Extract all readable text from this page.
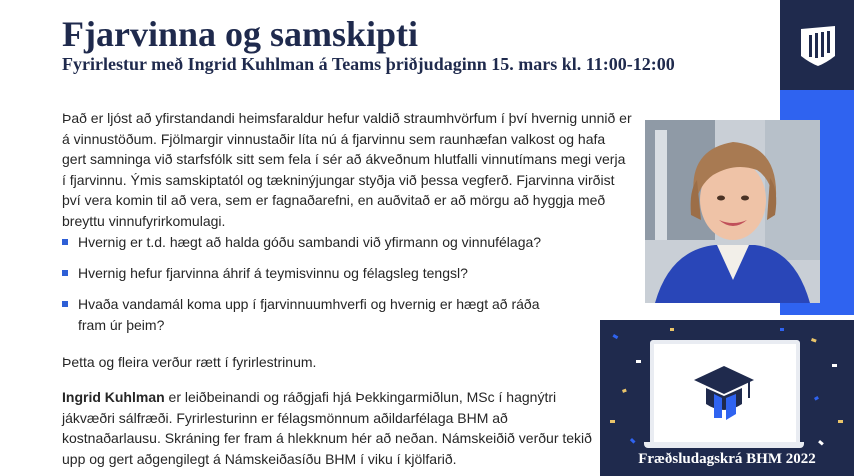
Fjarvinna og samskipti
Fyrirlestur með Ingrid Kuhlman á Teams þriðjudaginn 15. mars kl. 11:00-12:00

Það er ljóst að yfirstandandi heimsfaraldur hefur valdið straumhvörfum í því hvernig unnið er á vinnustöðum. Fjölmargir vinnustaðir líta nú á fjarvinnu sem raunhæfan valkost og hafa gert samninga við starfsfólk sitt sem fela í sér að ákveðnum hlutfalli vinnutímans megi verja í fjarvinnu. Ýmis samskiptatól og tækninýjungar styðja við þessa vegferð. Fjarvinna virðist því vera komin til að vera, sem er fagnaðarefni, en auðvitað er að mörgu að hyggja með breyttu vinnufyrirkomulagi.

Hvernig er t.d. hægt að halda góðu sambandi við yfirmann og vinnufélaga?
Hvernig hefur fjarvinna áhrif á teymisvinnu og félagsleg tengsl?
Hvaða vandamál koma upp í fjarvinnuumhverfi og hvernig er hægt að ráða fram úr þeim?

Þetta og fleira verður rætt í fyrirlestrinum.

Ingrid Kuhlman er leiðbeinandi og ráðgjafi hjá Þekkingarmiðlun, MSc í hagnýtri jákvæðri sálfræði. Fyrirlesturinn er félagsmönnum aðildarfélaga BHM að kostnaðarlausu. Skráning fer fram á hlekknum hér að neðan. Námskeiðið verður tekið upp og gert aðgengilegt á Námskeiðasíðu BHM í viku í kjölfarið.	Fræðsludagskrá BHM 2022
